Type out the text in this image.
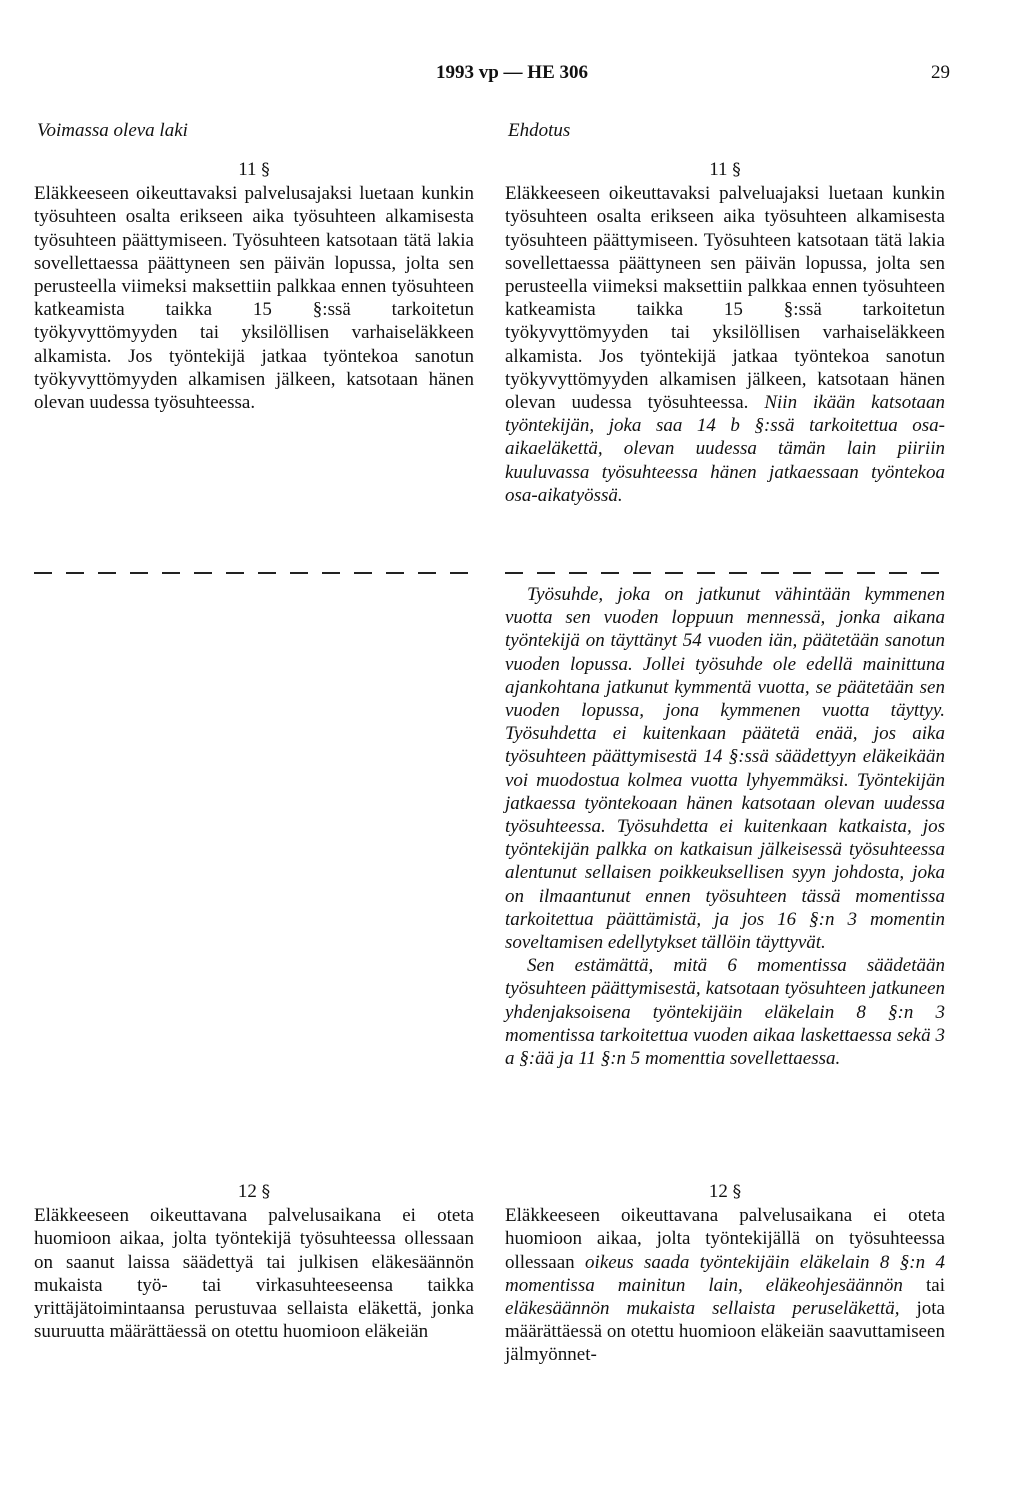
1993 vp — HE 306	29
Voimassa oleva laki	Ehdotus
11 §

Eläkkeeseen oikeuttavaksi palvelusajaksi luetaan kunkin työsuhteen osalta erikseen aika työsuhteen alkamisesta työsuhteen päättymiseen. Työsuhteen katsotaan tätä lakia sovellettaessa päättyneen sen päivän lopussa, jolta sen perusteella viimeksi maksettiin palkkaa ennen työsuhteen katkeamista taikka 15 §:ssä tarkoitetun työkyvyttömyyden tai yksilöllisen varhaiseläkkeen alkamista. Jos työntekijä jatkaa työntekoa sanotun työkyvyttömyyden alkamisen jälkeen, katsotaan hänen olevan uudessa työsuhteessa.

11 §

Eläkkeeseen oikeuttavaksi palveluajaksi luetaan kunkin työsuhteen osalta erikseen aika työsuhteen alkamisesta työsuhteen päättymiseen. Työsuhteen katsotaan tätä lakia sovellettaessa päättyneen sen päivän lopussa, jolta sen perusteella viimeksi maksettiin palkkaa ennen työsuhteen katkeamista taikka 15 §:ssä tarkoitetun työkyvyttömyyden tai yksilöllisen varhaiseläkkeen alkamista. Jos työntekijä jatkaa työntekoa sanotun työkyvyttömyyden alkamisen jälkeen, katsotaan hänen olevan uudessa työsuhteessa. Niin ikään katsotaan työntekijän, joka saa 14 b §:ssä tarkoitettua osa-aikaeläkettä, olevan uudessa tämän lain piiriin kuuluvassa työsuhteessa hänen jatkaessaan työntekoa osa-aikatyössä.

Työsuhde, joka on jatkunut vähintään kymmenen vuotta sen vuoden loppuun mennessä, jonka aikana työntekijä on täyttänyt 54 vuoden iän, päätetään sanotun vuoden lopussa. Jollei työsuhde ole edellä mainittuna ajankohtana jatkunut kymmentä vuotta, se päätetään sen vuoden lopussa, jona kymmenen vuotta täyttyy. Työsuhdetta ei kuitenkaan päätetä enää, jos aika työsuhteen päättymisestä 14 §:ssä säädettyyn eläkeikään voi muodostua kolmea vuotta lyhyemmäksi. Työntekijän jatkaessa työntekoaan hänen katsotaan olevan uudessa työsuhteessa. Työsuhdetta ei kuitenkaan katkaista, jos työntekijän palkka on katkaisun jälkeisessä työsuhteessa alentunut sellaisen poikkeuksellisen syyn johdosta, joka on ilmaantunut ennen työsuhteen tässä momentissa tarkoitettua päättämistä, ja jos 16 §:n 3 momentin soveltamisen edellytykset tällöin täyttyvät.

Sen estämättä, mitä 6 momentissa säädetään työsuhteen päättymisestä, katsotaan työsuhteen jatkuneen yhdenjaksoisena työntekijäin eläkelain 8 §:n 3 momentissa tarkoitettua vuoden aikaa laskettaessa sekä 3 a §:ää ja 11 §:n 5 momenttia sovellettaessa.

12 §

Eläkkeeseen oikeuttavana palvelusaikana ei oteta huomioon aikaa, jolta työntekijä työsuhteessa ollessaan on saanut laissa säädettyä tai julkisen eläkesäännön mukaista työ- tai virkasuhteeseensa taikka yrittäjätoimintaansa perustuvaa sellaista eläkettä, jonka suuruutta määrättäessä on otettu huomioon eläkeiän

12 §

Eläkkeeseen oikeuttavana palvelusaikana ei oteta huomioon aikaa, jolta työntekijällä on työsuhteessa ollessaan oikeus saada työntekijäin eläkelain 8 §:n 4 momentissa mainitun lain, eläkeohjesäännön tai eläkesäännön mukaista sellaista peruseläkettä, jota määrättäessä on otettu huomioon eläkeiän saavuttamiseen jälmyönnet-
